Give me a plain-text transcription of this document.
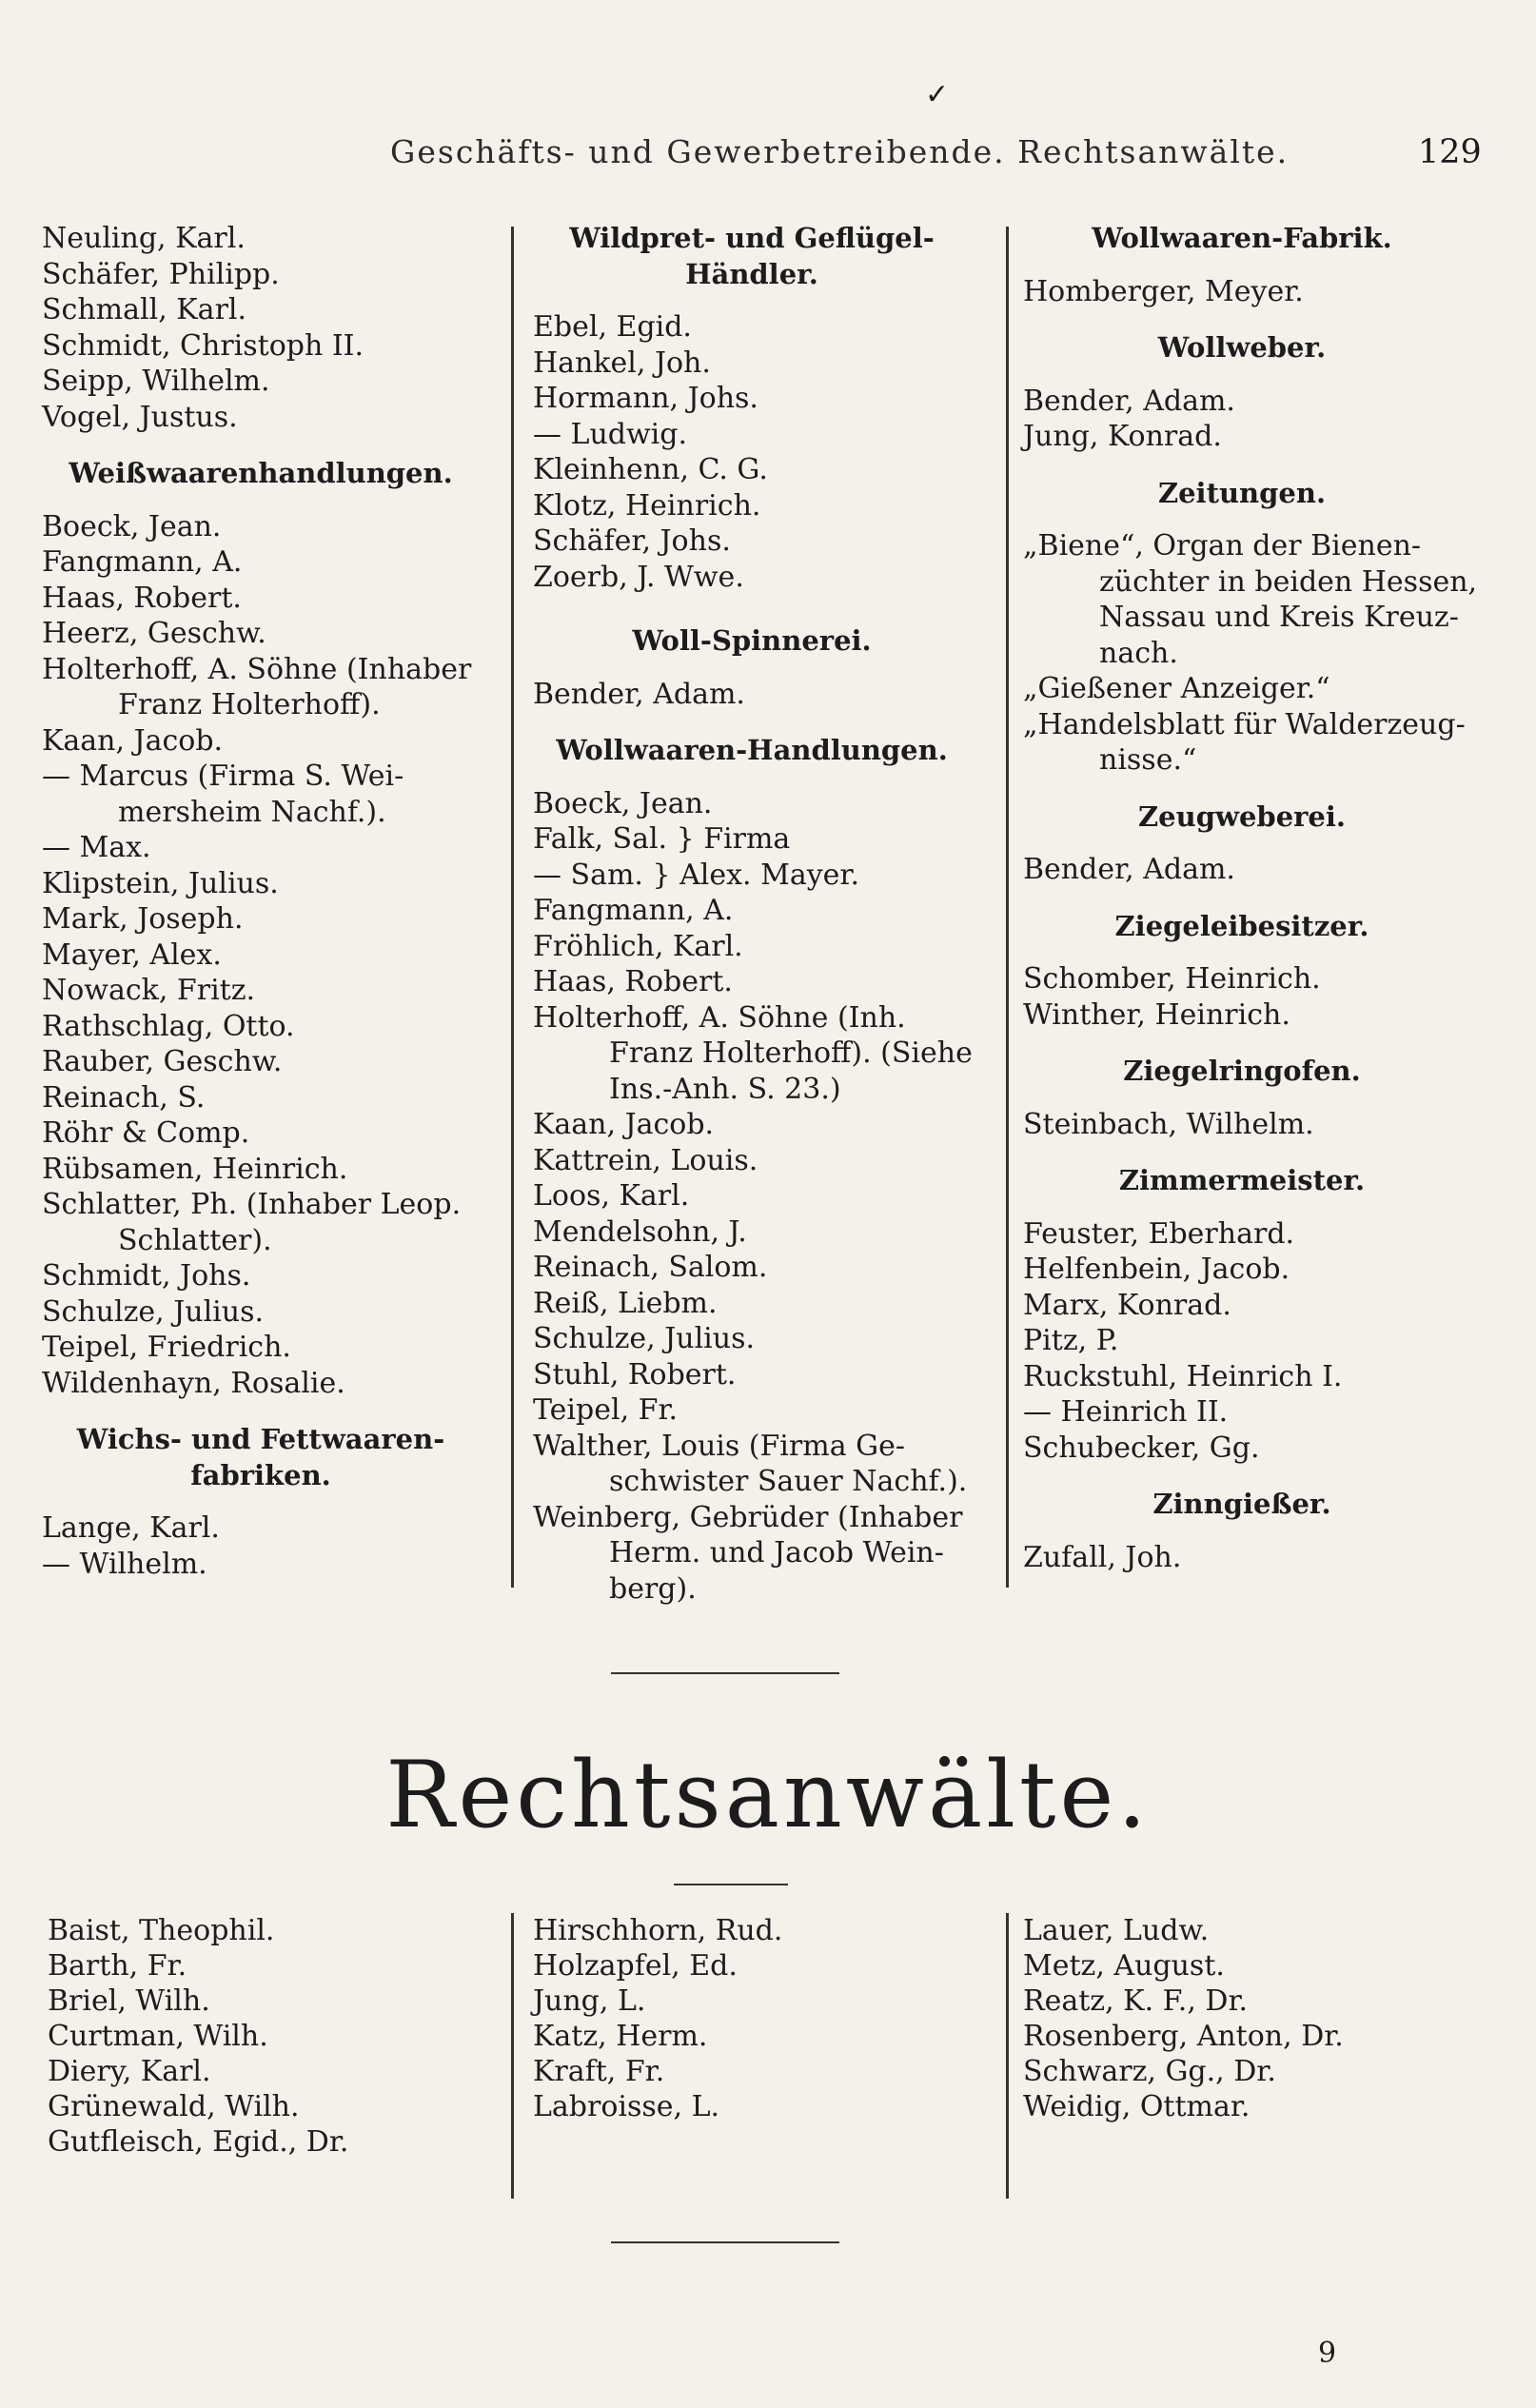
✓
Geschäfts- und Gewerbetreibende. Rechtsanwälte.	129
Neuling, Karl.
Schäfer, Philipp.
Schmall, Karl.
Schmidt, Christoph II.
Seipp, Wilhelm.
Vogel, Justus.
Weißwaarenhandlungen.
Boeck, Jean.
Fangmann, A.
Haas, Robert.
Heerz, Geschw.
Holterhoff, A. Söhne (Inhaber
Franz Holterhoff).
Kaan, Jacob.
— Marcus (Firma S. Wei-
mersheim Nachf.).
— Max.
Klipstein, Julius.
Mark, Joseph.
Mayer, Alex.
Nowack, Fritz.
Rathschlag, Otto.
Rauber, Geschw.
Reinach, S.
Röhr & Comp.
Rübsamen, Heinrich.
Schlatter, Ph. (Inhaber Leop.
Schlatter).
Schmidt, Johs.
Schulze, Julius.
Teipel, Friedrich.
Wildenhayn, Rosalie.
Wichs- und Fettwaaren-
fabriken.
Lange, Karl.
— Wilhelm.
Wildpret- und Geflügel-
Händler.
Ebel, Egid.
Hankel, Joh.
Hormann, Johs.
— Ludwig.
Kleinhenn, C. G.
Klotz, Heinrich.
Schäfer, Johs.
Zoerb, J. Wwe.
Woll-Spinnerei.
Bender, Adam.
Wollwaaren-Handlungen.
Boeck, Jean.
Falk, Sal. } Firma
— Sam. } Alex. Mayer.
Fangmann, A.
Fröhlich, Karl.
Haas, Robert.
Holterhoff, A. Söhne (Inh.
Franz Holterhoff). (Siehe
Ins.-Anh. S. 23.)
Kaan, Jacob.
Kattrein, Louis.
Loos, Karl.
Mendelsohn, J.
Reinach, Salom.
Reiß, Liebm.
Schulze, Julius.
Stuhl, Robert.
Teipel, Fr.
Walther, Louis (Firma Ge-
schwister Sauer Nachf.).
Weinberg, Gebrüder (Inhaber
Herm. und Jacob Wein-
berg).
Wollwaaren-Fabrik.
Homberger, Meyer.
Wollweber.
Bender, Adam.
Jung, Konrad.
Zeitungen.
„Biene“, Organ der Bienen-
züchter in beiden Hessen,
Nassau und Kreis Kreuz-
nach.
„Gießener Anzeiger.“
„Handelsblatt für Walderzeug-
nisse.“
Zeugweberei.
Bender, Adam.
Ziegeleibesitzer.
Schomber, Heinrich.
Winther, Heinrich.
Ziegelringofen.
Steinbach, Wilhelm.
Zimmermeister.
Feuster, Eberhard.
Helfenbein, Jacob.
Marx, Konrad.
Pitz, P.
Ruckstuhl, Heinrich I.
— Heinrich II.
Schubecker, Gg.
Zinngießer.
Zufall, Joh.
Rechtsanwälte.
Baist, Theophil.
Barth, Fr.
Briel, Wilh.
Curtman, Wilh.
Diery, Karl.
Grünewald, Wilh.
Gutfleisch, Egid., Dr.
Hirschhorn, Rud.
Holzapfel, Ed.
Jung, L.
Katz, Herm.
Kraft, Fr.
Labroisse, L.
Lauer, Ludw.
Metz, August.
Reatz, K. F., Dr.
Rosenberg, Anton, Dr.
Schwarz, Gg., Dr.
Weidig, Ottmar.
9
